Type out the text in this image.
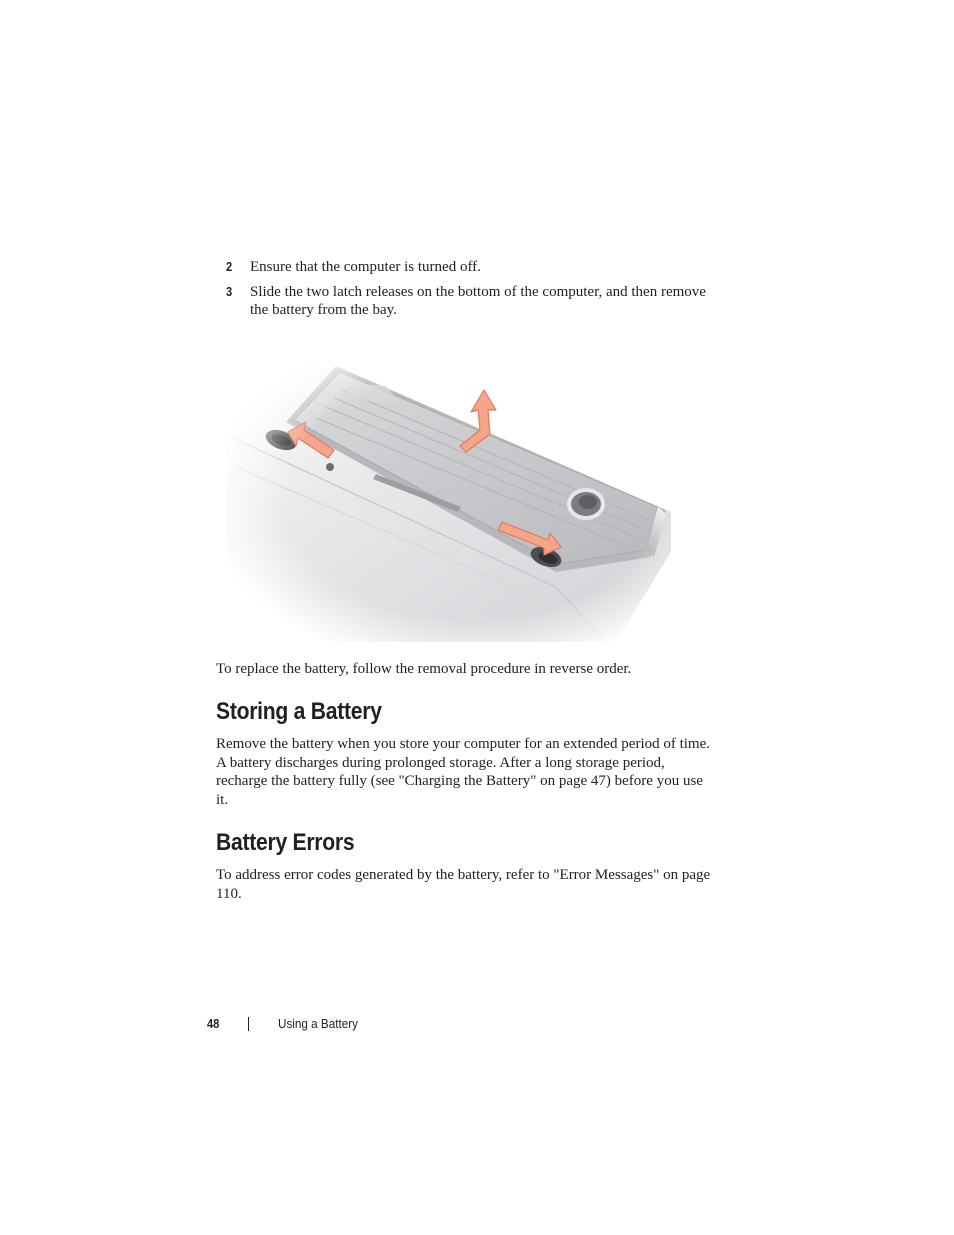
2 Ensure that the computer is turned off.
3 Slide the two latch releases on the bottom of the computer, and then remove the battery from the bay.

To replace the battery, follow the removal procedure in reverse order.

Storing a Battery

Remove the battery when you store your computer for an extended period of time. A battery discharges during prolonged storage. After a long storage period, recharge the battery fully (see "Charging the Battery" on page 47) before you use it.

Battery Errors

To address error codes generated by the battery, refer to "Error Messages" on page 110.

48	Using a Battery
